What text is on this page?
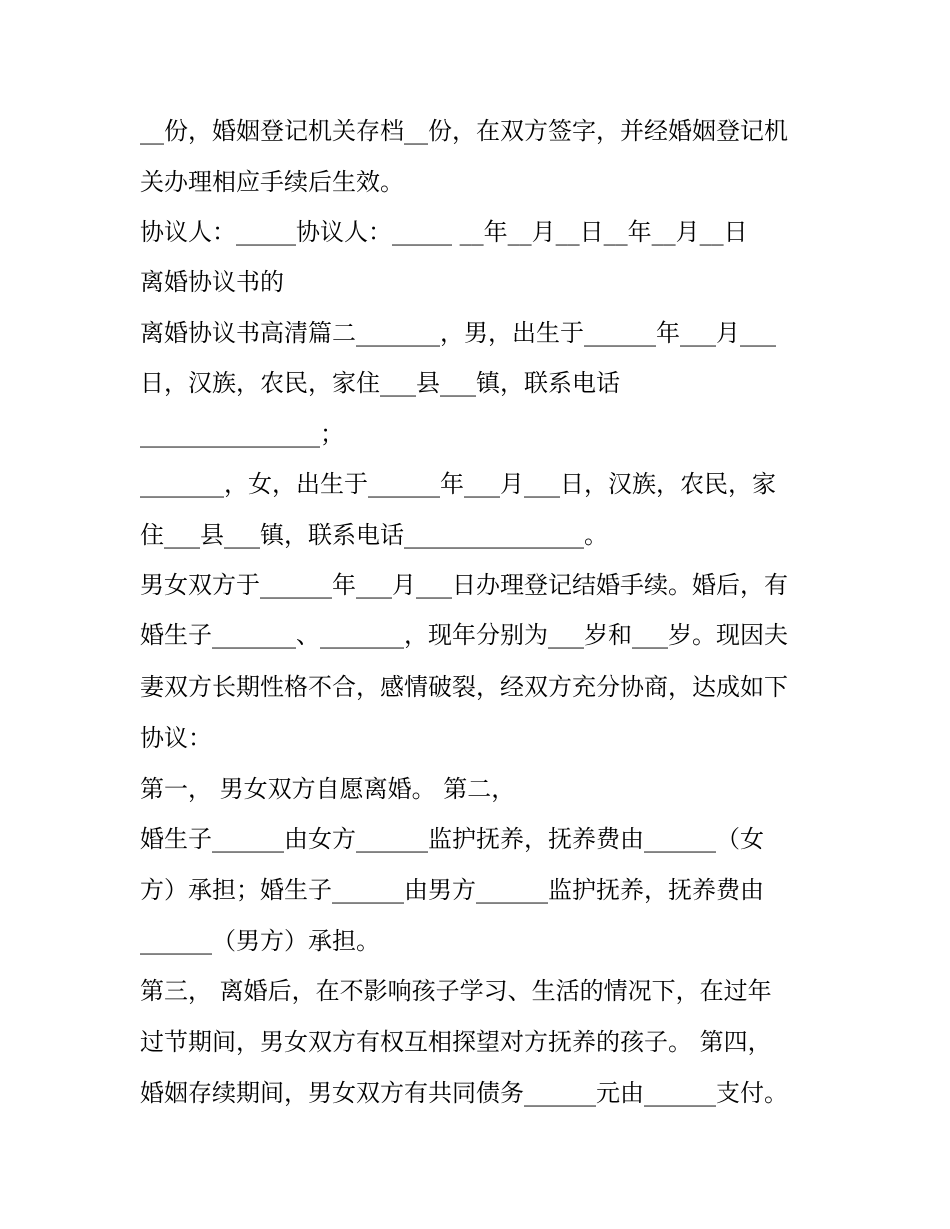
__份，婚姻登记机关存档__份，在双方签字，并经婚姻登记机
关办理相应手续后生效。
协议人：_____协议人：_____ __年__月__日__年__月__日
离婚协议书的
离婚协议书高清篇二_______，男，出生于______年___月___
日，汉族，农民，家住___县___镇，联系电话
_______________；
_______，女，出生于______年___月___日，汉族，农民，家
住___县___镇，联系电话_______________。
男女双方于______年___月___日办理登记结婚手续。婚后，有
婚生子_______、_______，现年分别为___岁和___岁。现因夫
妻双方长期性格不合，感情破裂，经双方充分协商，达成如下
协议：
第一， 男女双方自愿离婚。 第二，
婚生子______由女方______监护抚养，抚养费由______（女
方）承担；婚生子______由男方______监护抚养，抚养费由
______（男方）承担。
第三， 离婚后，在不影响孩子学习、生活的情况下，在过年
过节期间，男女双方有权互相探望对方抚养的孩子。 第四，
婚姻存续期间，男女双方有共同债务______元由______支付。
